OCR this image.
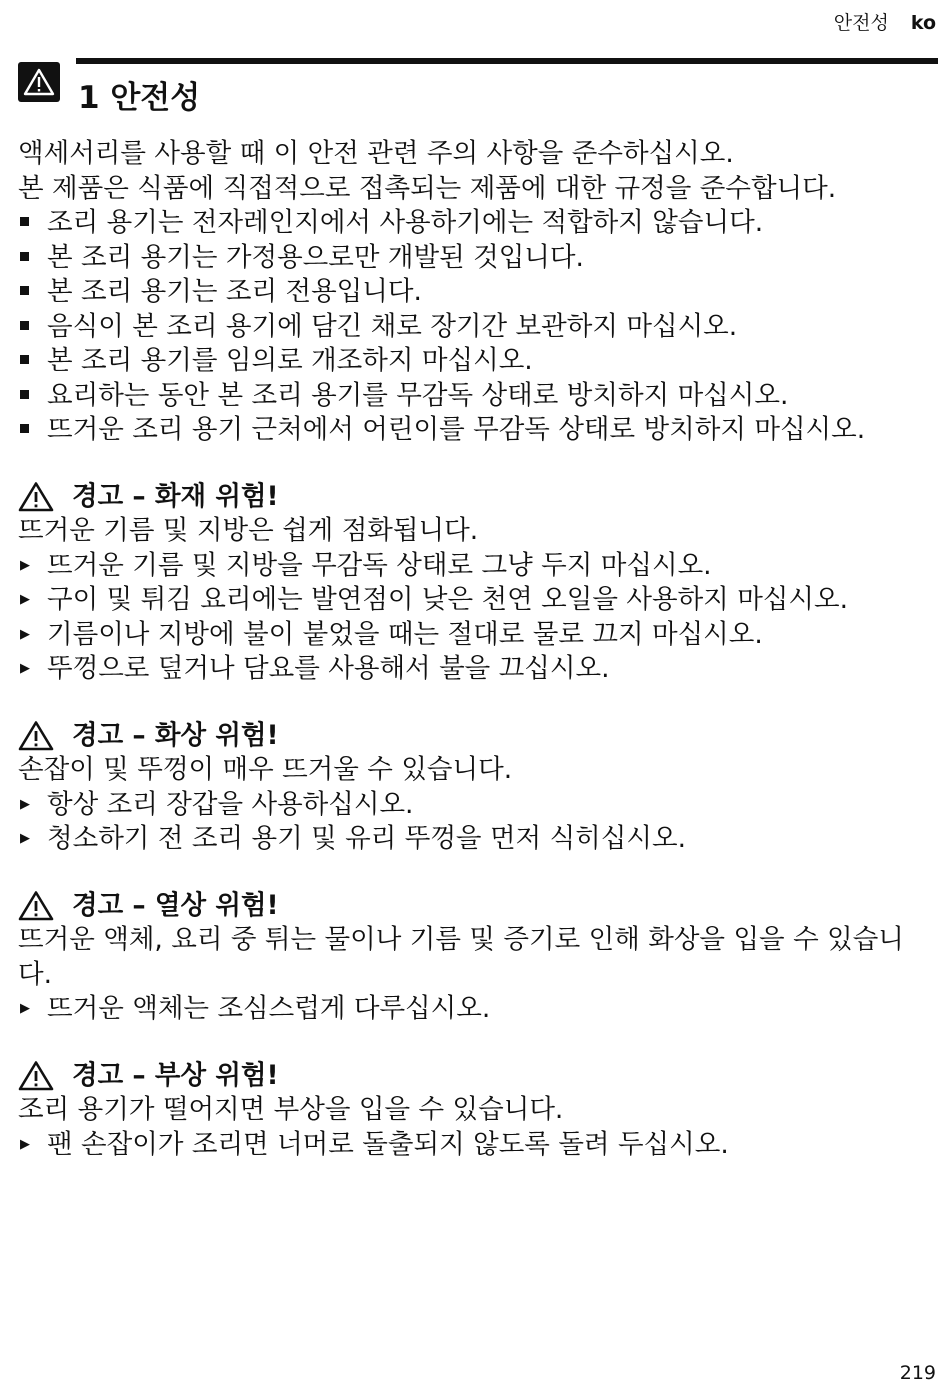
안전성 ko
1 안전성

액세서리를 사용할 때 이 안전 관련 주의 사항을 준수하십시오.

본 제품은 식품에 직접적으로 접촉되는 제품에 대한 규정을 준수합니다.

조리 용기는 전자레인지에서 사용하기에는 적합하지 않습니다.
본 조리 용기는 가정용으로만 개발된 것입니다.
본 조리 용기는 조리 전용입니다.
음식이 본 조리 용기에 담긴 채로 장기간 보관하지 마십시오.
본 조리 용기를 임의로 개조하지 마십시오.
요리하는 동안 본 조리 용기를 무감독 상태로 방치하지 마십시오.
뜨거운 조리 용기 근처에서 어린이를 무감독 상태로 방치하지 마십시오.
경고 – 화재 위험!

뜨거운 기름 및 지방은 쉽게 점화됩니다.

▶ 뜨거운 기름 및 지방을 무감독 상태로 그냥 두지 마십시오.
▶ 구이 및 튀김 요리에는 발연점이 낮은 천연 오일을 사용하지 마십시오.
▶ 기름이나 지방에 불이 붙었을 때는 절대로 물로 끄지 마십시오.
▶ 뚜껑으로 덮거나 담요를 사용해서 불을 끄십시오.
경고 – 화상 위험!

손잡이 및 뚜껑이 매우 뜨거울 수 있습니다.

▶ 항상 조리 장갑을 사용하십시오.
▶ 청소하기 전 조리 용기 및 유리 뚜껑을 먼저 식히십시오.
경고 – 열상 위험!

뜨거운 액체, 요리 중 튀는 물이나 기름 및 증기로 인해 화상을 입을 수 있습니다.

▶ 뜨거운 액체는 조심스럽게 다루십시오.
경고 – 부상 위험!

조리 용기가 떨어지면 부상을 입을 수 있습니다.

▶ 팬 손잡이가 조리면 너머로 돌출되지 않도록 돌려 두십시오.
219
